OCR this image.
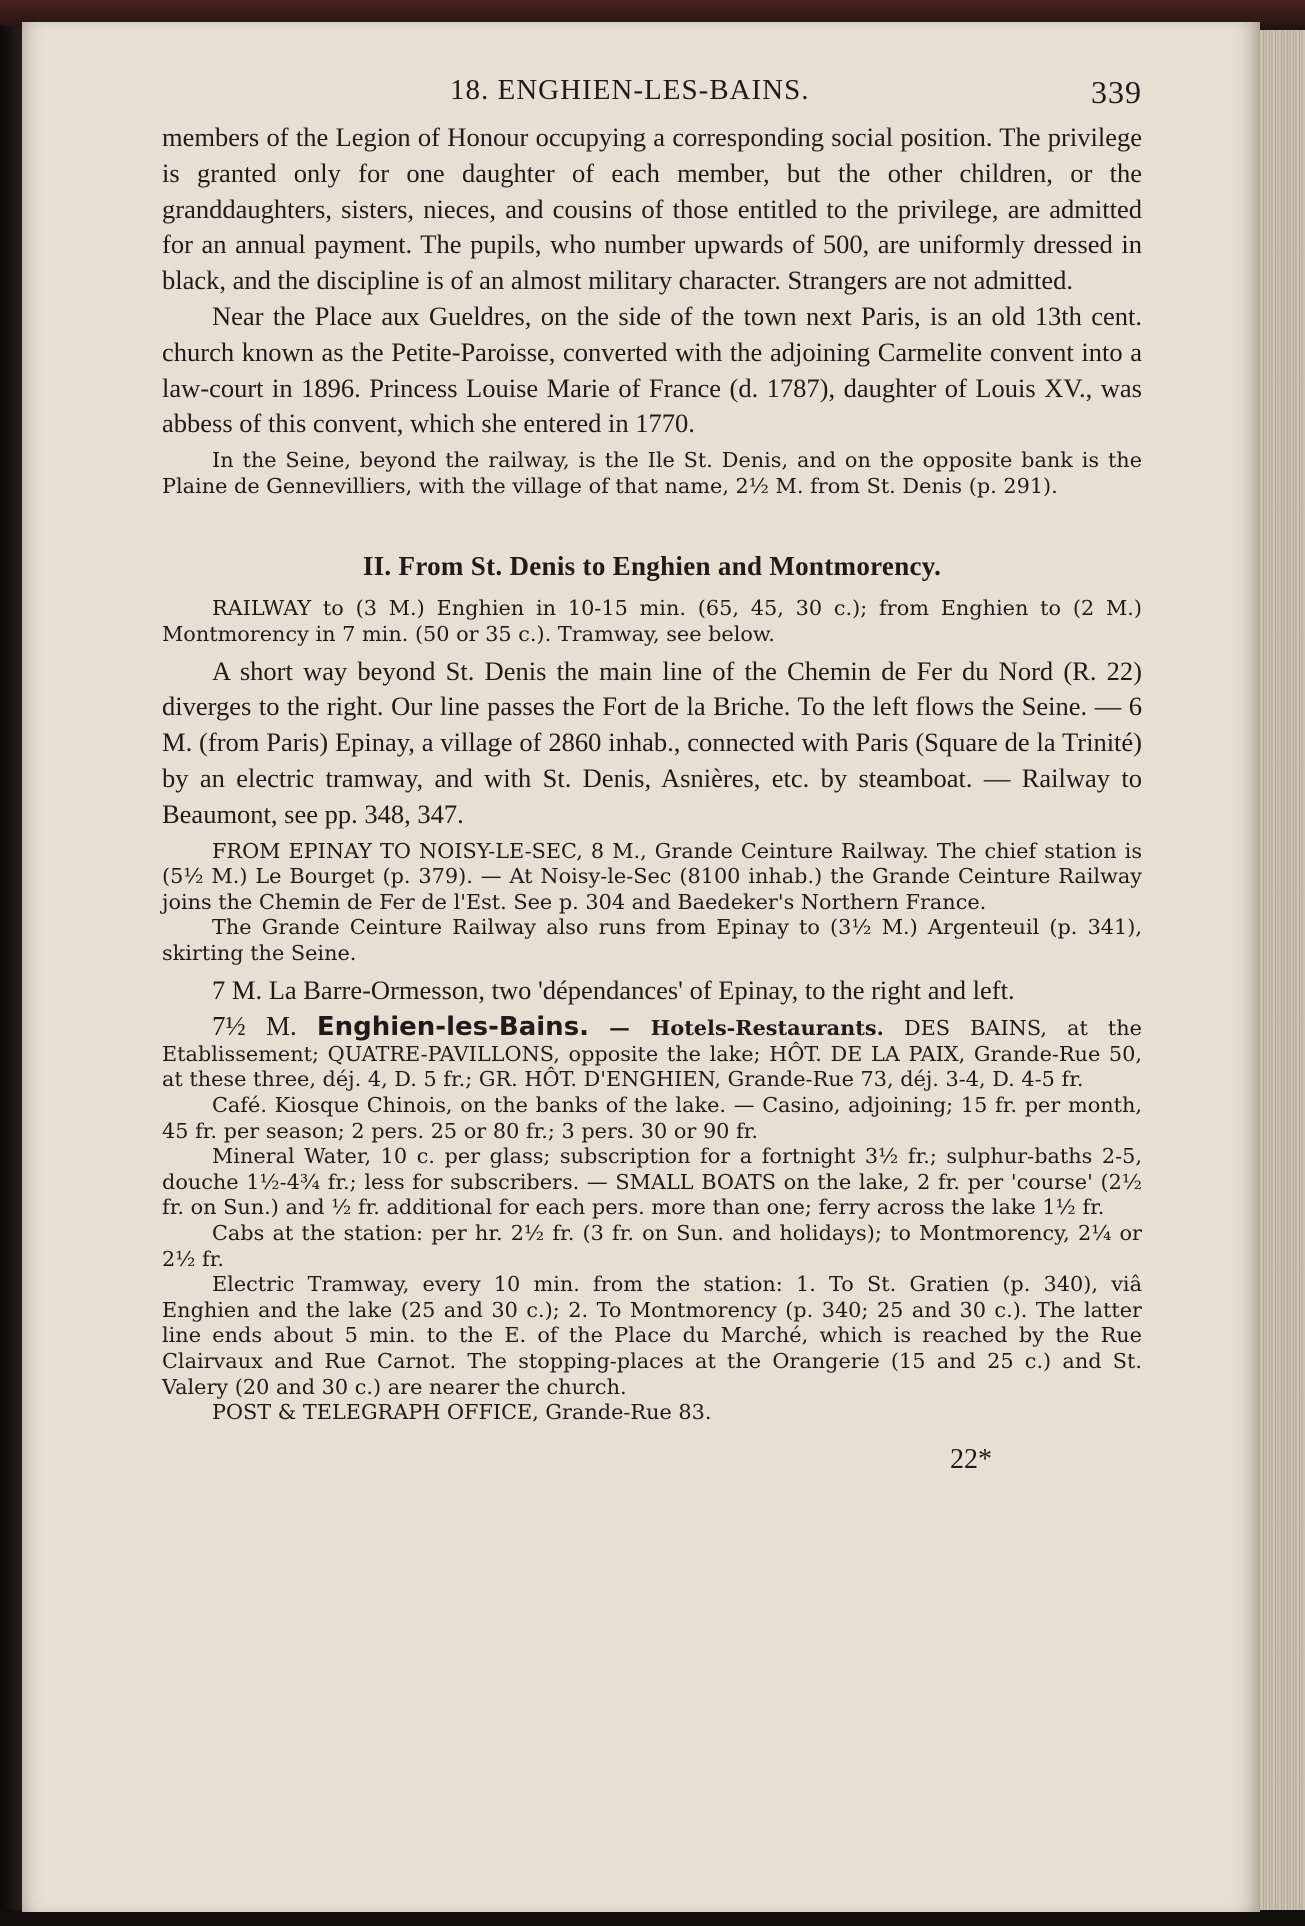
18. ENGHIEN-LES-BAINS.	339

members of the Legion of Honour occupying a corresponding social position. The privilege is granted only for one daughter of each member, but the other children, or the granddaughters, sisters, nieces, and cousins of those entitled to the privilege, are admitted for an annual payment. The pupils, who number upwards of 500, are uniformly dressed in black, and the discipline is of an almost military character. Strangers are not admitted.

Near the Place aux Gueldres, on the side of the town next Paris, is an old 13th cent. church known as the Petite-Paroisse, converted with the adjoining Carmelite convent into a law-court in 1896. Princess Louise Marie of France (d. 1787), daughter of Louis XV., was abbess of this convent, which she entered in 1770.

In the Seine, beyond the railway, is the Ile St. Denis, and on the opposite bank is the Plaine de Gennevilliers, with the village of that name, 2½ M. from St. Denis (p. 291).

II. From St. Denis to Enghien and Montmorency.

RAILWAY to (3 M.) Enghien in 10-15 min. (65, 45, 30 c.); from Enghien to (2 M.) Montmorency in 7 min. (50 or 35 c.). Tramway, see below.

A short way beyond St. Denis the main line of the Chemin de Fer du Nord (R. 22) diverges to the right. Our line passes the Fort de la Briche. To the left flows the Seine. — 6 M. (from Paris) Epinay, a village of 2860 inhab., connected with Paris (Square de la Trinité) by an electric tramway, and with St. Denis, Asnières, etc. by steamboat. — Railway to Beaumont, see pp. 348, 347.

FROM EPINAY TO NOISY-LE-SEC, 8 M., Grande Ceinture Railway. The chief station is (5½ M.) Le Bourget (p. 379). — At Noisy-le-Sec (8100 inhab.) the Grande Ceinture Railway joins the Chemin de Fer de l'Est. See p. 304 and Baedeker's Northern France.

The Grande Ceinture Railway also runs from Epinay to (3½ M.) Argenteuil (p. 341), skirting the Seine.

7 M. La Barre-Ormesson, two 'dépendances' of Epinay, to the right and left.

7½ M. Enghien-les-Bains. — Hotels-Restaurants. DES BAINS, at the Etablissement; QUATRE-PAVILLONS, opposite the lake; HÔT. DE LA PAIX, Grande-Rue 50, at these three, déj. 4, D. 5 fr.; GR. HÔT. D'ENGHIEN, Grande-Rue 73, déj. 3-4, D. 4-5 fr.

Café. Kiosque Chinois, on the banks of the lake. — Casino, adjoining; 15 fr. per month, 45 fr. per season; 2 pers. 25 or 80 fr.; 3 pers. 30 or 90 fr.

Mineral Water, 10 c. per glass; subscription for a fortnight 3½ fr.; sulphur-baths 2-5, douche 1½-4¾ fr.; less for subscribers. — SMALL BOATS on the lake, 2 fr. per 'course' (2½ fr. on Sun.) and ½ fr. additional for each pers. more than one; ferry across the lake 1½ fr.

Cabs at the station: per hr. 2½ fr. (3 fr. on Sun. and holidays); to Montmorency, 2¼ or 2½ fr.

Electric Tramway, every 10 min. from the station: 1. To St. Gratien (p. 340), viâ Enghien and the lake (25 and 30 c.); 2. To Montmorency (p. 340; 25 and 30 c.). The latter line ends about 5 min. to the E. of the Place du Marché, which is reached by the Rue Clairvaux and Rue Carnot. The stopping-places at the Orangerie (15 and 25 c.) and St. Valery (20 and 30 c.) are nearer the church.

POST & TELEGRAPH OFFICE, Grande-Rue 83.

22*
